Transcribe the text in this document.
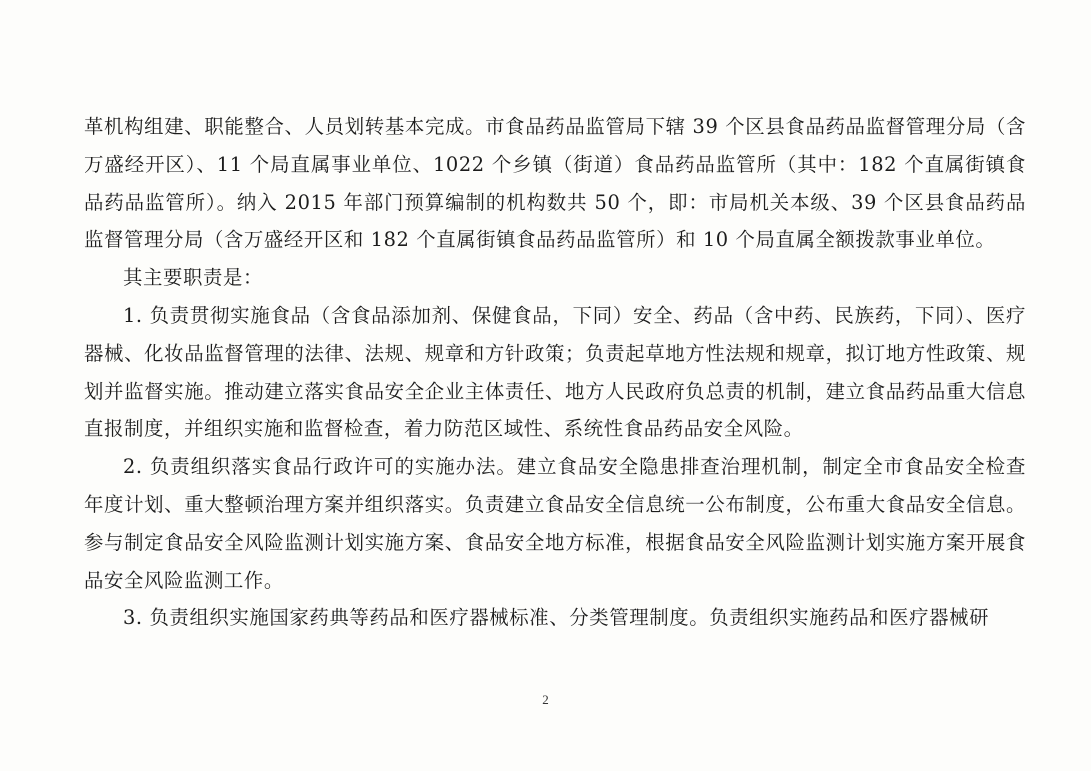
革机构组建、职能整合、人员划转基本完成。市食品药品监管局下辖 39 个区县食品药品监督管理分局（含万盛经开区）、11 个局直属事业单位、1022 个乡镇（街道）食品药品监管所（其中：182 个直属街镇食品药品监管所）。纳入 2015 年部门预算编制的机构数共 50 个，即：市局机关本级、39 个区县食品药品监督管理分局（含万盛经开区和 182 个直属街镇食品药品监管所）和 10 个局直属全额拨款事业单位。

其主要职责是：

1. 负责贯彻实施食品（含食品添加剂、保健食品，下同）安全、药品（含中药、民族药，下同）、医疗器械、化妆品监督管理的法律、法规、规章和方针政策；负责起草地方性法规和规章，拟订地方性政策、规划并监督实施。推动建立落实食品安全企业主体责任、地方人民政府负总责的机制，建立食品药品重大信息直报制度，并组织实施和监督检查，着力防范区域性、系统性食品药品安全风险。

2. 负责组织落实食品行政许可的实施办法。建立食品安全隐患排查治理机制，制定全市食品安全检查年度计划、重大整顿治理方案并组织落实。负责建立食品安全信息统一公布制度，公布重大食品安全信息。参与制定食品安全风险监测计划实施方案、食品安全地方标准，根据食品安全风险监测计划实施方案开展食品安全风险监测工作。

3. 负责组织实施国家药典等药品和医疗器械标准、分类管理制度。负责组织实施药品和医疗器械研

2
